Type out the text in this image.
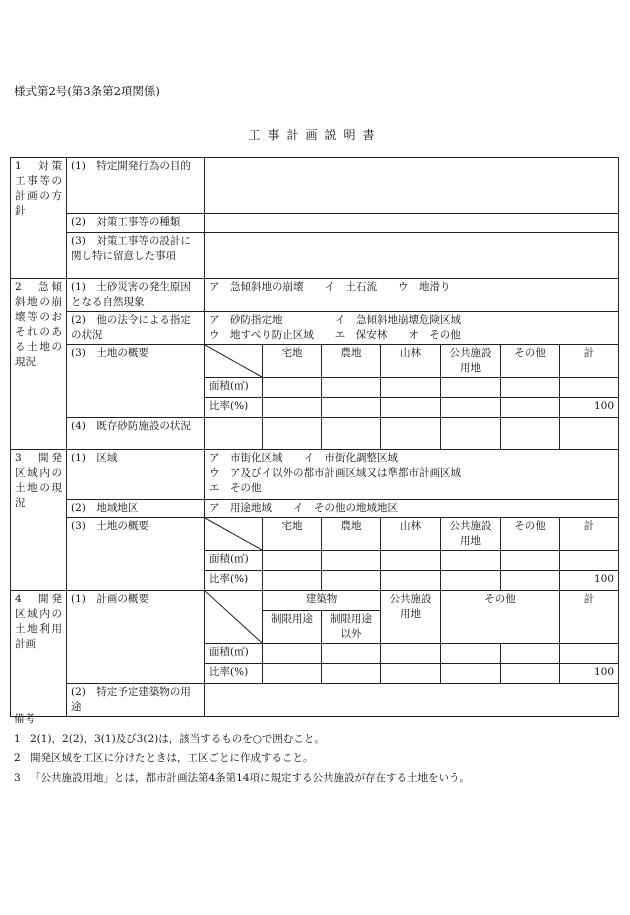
様式第2号(第3条第2項関係)
工事計画説明書
1　対策工事等の計画の方針	(1)　特定開発行為の目的							
	(2)　対策工事等の種類							
	(3)　対策工事等の設計に関し特に留意した事項							
2　急傾斜地の崩壊等のおそれのある土地の現況	(1)　土砂災害の発生原因となる自然現象	ア　急傾斜地の崩壊　　イ　土石流　　ウ　地滑り						
	(2)　他の法令による指定の状況	ア　砂防指定地　　　　　イ　急傾斜地崩壊危険区域
ウ　地すべり防止区域　　エ　保安林　　オ　その他						

	(3)　土地の概要		宅地	農地	山林	公共施設用地	その他	計
		面積(㎡)						
		比率(%)						100
	(4)　既存砂防施設の状況							

3　開発区域内の土地の現況	(1)　区域	ア　市街化区域　　イ　市街化調整区域
ウ　ア及びイ以外の都市計画区域又は準都市計画区域
エ　その他						

	(2)　地域地区	ア　用途地域　　イ　その他の地域地区						
	(3)　土地の概要		宅地	農地	山林	公共施設用地	その他	計
		面積(㎡)						
		比率(%)						100
4　開発区域内の土地利用計画	(1)　計画の概要		建築物		公共施設用地	その他		計
			制限用途	制限用途以外				
		面積(㎡)						
		比率(%)						100
	(2)　特定予定建築物の用途							
備考
1 2(1)，2(2)，3(1)及び3(2)は，該当するものを○で囲むこと。
2 開発区域を工区に分けたときは，工区ごとに作成すること。
3 「公共施設用地」とは，都市計画法第4条第14項に規定する公共施設が存在する土地をいう。
